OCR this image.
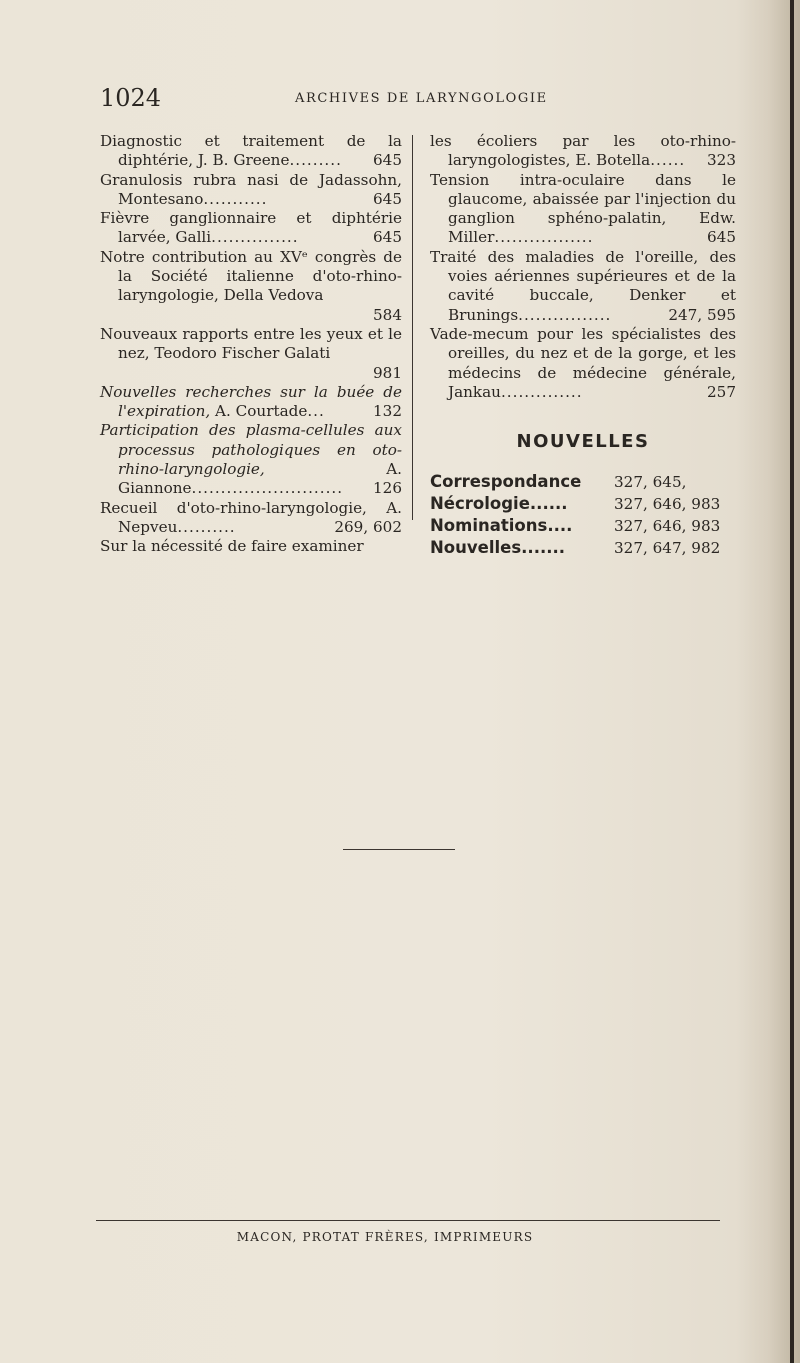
1024	ARCHIVES DE LARYNGOLOGIE

Diagnostic et traitement de la diphtérie, J. B. Greene......... 645

Granulosis rubra nasi de Jadassohn, Montesano...........	645

Fièvre ganglionnaire et diphtérie larvée, Galli...............	645

Notre contribution au XVᵉ congrès de la Société italienne d'oto-rhino-laryngologie, Della Vedova
584

Nouveaux rapports entre les yeux et le nez, Teodoro Fischer Galati
981

Nouvelles recherches sur la buée de l'expiration, A. Courtade...	132

Participation des plasma-cellules aux processus pathologiques en oto-rhino-laryngologie, A. Giannone.......................... 126

Recueil d'oto-rhino-laryngologie, A. Nepveu..........	269, 602

Sur la nécessité de faire examiner

les écoliers par les oto-rhino-laryngologistes, E. Botella...... 323

Tension intra-oculaire dans le glaucome, abaissée par l'injection du ganglion sphéno-palatin, Edw. Miller.................	645

Traité des maladies de l'oreille, des voies aériennes supérieures et de la cavité buccale, Denker et Brunings................	247, 595

Vade-mecum pour les spécialistes des oreilles, du nez et de la gorge, et les médecins de médecine générale, Jankau..............	257

NOUVELLES
Correspondance	327, 645,
Nécrologie......	327, 646, 983
Nominations....	327, 646, 983
Nouvelles.......	327, 647, 982
MACON, PROTAT FRÈRES, IMPRIMEURS
